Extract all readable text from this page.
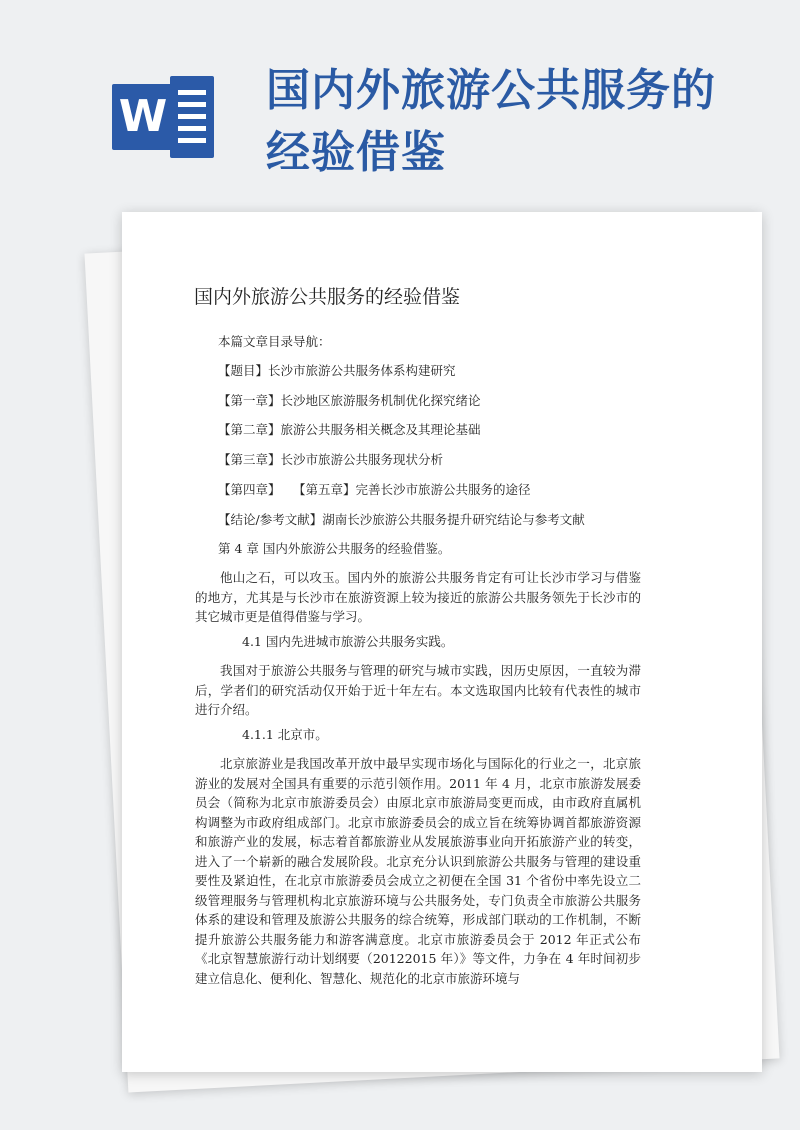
W
国内外旅游公共服务的经验借鉴
国内外旅游公共服务的经验借鉴
本篇文章目录导航：
【题目】长沙市旅游公共服务体系构建研究
【第一章】长沙地区旅游服务机制优化探究绪论
【第二章】旅游公共服务相关概念及其理论基础
【第三章】长沙市旅游公共服务现状分析
【第四章】　　【第五章】完善长沙市旅游公共服务的途径
【结论/参考文献】湖南长沙旅游公共服务提升研究结论与参考文献
第 4 章 国内外旅游公共服务的经验借鉴。
他山之石，可以攻玉。国内外的旅游公共服务肯定有可让长沙市学习与借鉴的地方，尤其是与长沙市在旅游资源上较为接近的旅游公共服务领先于长沙市的其它城市更是值得借鉴与学习。
4.1 国内先进城市旅游公共服务实践。
我国对于旅游公共服务与管理的研究与城市实践，因历史原因，一直较为滞后，学者们的研究活动仅开始于近十年左右。本文选取国内比较有代表性的城市进行介绍。
4.1.1 北京市。
北京旅游业是我国改革开放中最早实现市场化与国际化的行业之一，北京旅游业的发展对全国具有重要的示范引领作用。2011 年 4 月，北京市旅游发展委员会（简称为北京市旅游委员会）由原北京市旅游局变更而成，由市政府直属机构调整为市政府组成部门。北京市旅游委员会的成立旨在统筹协调首都旅游资源和旅游产业的发展，标志着首都旅游业从发展旅游事业向开拓旅游产业的转变，进入了一个崭新的融合发展阶段。北京充分认识到旅游公共服务与管理的建设重要性及紧迫性，在北京市旅游委员会成立之初便在全国 31 个省份中率先设立二级管理服务与管理机构北京旅游环境与公共服务处，专门负责全市旅游公共服务体系的建设和管理及旅游公共服务的综合统筹，形成部门联动的工作机制，不断提升旅游公共服务能力和游客满意度。北京市旅游委员会于 2012 年正式公布《北京智慧旅游行动计划纲要（20122015 年）》等文件，力争在 4 年时间初步建立信息化、便利化、智慧化、规范化的北京市旅游环境与
